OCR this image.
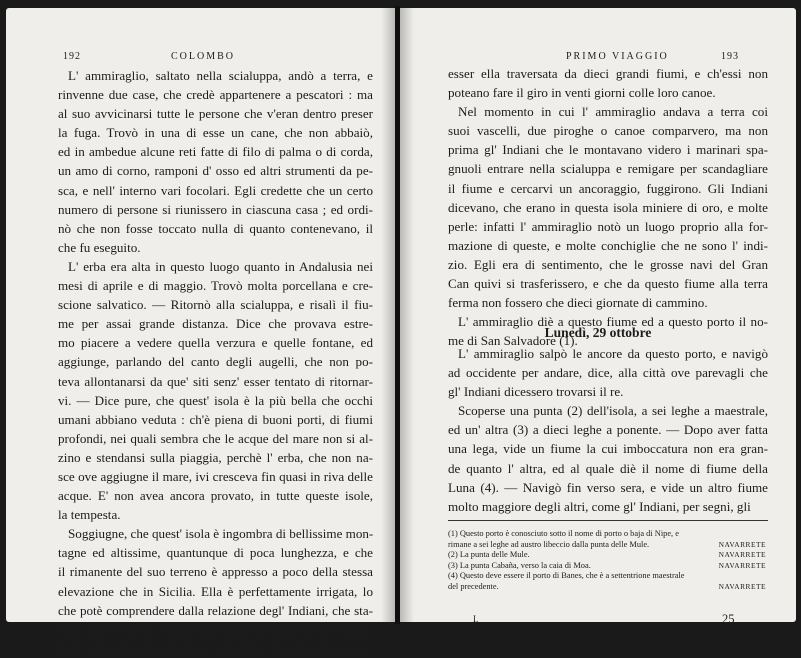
192	COLOMBO
L' ammiraglio, saltato nella scialuppa, andò a terra, e
rinvenne due case, che credè appartenere a pescatori : ma
al suo avvicinarsi tutte le persone che v'eran dentro preser
la fuga. Trovò in una di esse un cane, che non abbaiò,
ed in ambedue alcune reti fatte di filo di palma o di corda,
un amo di corno, ramponi d' osso ed altri strumenti da pe-
sca, e nell' interno vari focolari. Egli credette che un certo
numero di persone si riunissero in ciascuna casa ; ed ordi-
nò che non fosse toccato nulla di quanto contenevano, il
che fu eseguito.
L' erba era alta in questo luogo quanto in Andalusia nei
mesi di aprile e di maggio. Trovò molta porcellana e cre-
scione salvatico. — Ritornò alla scialuppa, e risalì il fiu-
me per assai grande distanza. Dice che provava estre-
mo piacere a vedere quella verzura e quelle fontane, ed
aggiunge, parlando del canto degli augelli, che non po-
teva allontanarsi da que' siti senz' esser tentato di ritornar-
vi. — Dice pure, che quest' isola è la più bella che occhi
umani abbiano veduta : ch'è piena di buoni porti, di fiumi
profondi, nei quali sembra che le acque del mare non si al-
zino e stendansi sulla piaggia, perchè l' erba, che non na-
sce ove aggiugne il mare, ivi cresceva fin quasi in riva delle
acque. E' non avea ancora provato, in tutte queste isole,
la tempesta.
Soggiugne, che quest' isola è ingombra di bellissime mon-
tagne ed altissime, quantunque di poca lunghezza, e che
il rimanente del suo terreno è appresso a poco della stessa
elevazione che in Sicilia. Ella è perfettamente irrigata, lo
che potè comprendere dalla relazione degl' Indiani, che sta-
vano con esso lui, i quali aveva presi nell'isola di Guana-
hani : ed i medesimi gli fecero eziandio intendere per segni,
PRIMO VIAGGIO	193
esser ella traversata da dieci grandi fiumi, e ch'essi non
poteano fare il giro in venti giorni colle loro canoe.
Nel momento in cui l' ammiraglio andava a terra coi
suoi vascelli, due piroghe o canoe comparvero, ma non
prima gl' Indiani che le montavano videro i marinari spa-
gnuoli entrare nella scialuppa e remigare per scandagliare
il fiume e cercarvi un ancoraggio, fuggirono. Gli Indiani
dicevano, che erano in questa isola miniere di oro, e molte
perle: infatti l' ammiraglio notò un luogo proprio alla for-
mazione di queste, e molte conchiglie che ne sono l' indi-
zio. Egli era di sentimento, che le grosse navi del Gran
Can quivi si trasferissero, e che da questo fiume alla terra
ferma non fossero che dieci giornate di cammino.
L' ammiraglio diè a questo fiume ed a questo porto il no-
me di San Salvadore (1).
Lunedì, 29 ottobre
L' ammiraglio salpò le ancore da questo porto, e navigò
ad occidente per andare, dice, alla città ove parevagli che
gl' Indiani dicessero trovarsi il re.
Scoperse una punta (2) dell'isola, a sei leghe a maestrale,
ed un' altra (3) a dieci leghe a ponente. — Dopo aver fatta
una lega, vide un fiume la cui imboccatura non era gran-
de quanto l' altra, ed al quale diè il nome di fiume della
Luna (4). — Navigò fin verso sera, e vide un altro fiume
molto maggiore degli altri, come gl' Indiani, per segni, gli
(1) Questo porto è conosciuto sotto il nome di porto o baja di Nipe, e
rimane a sei leghe ad austro libeccio dalla punta delle Mule.	NAVARRETE
(2) La punta delle Mule.	NAVARRETE
(3) La punta Cabaña, verso la caia di Moa.	NAVARRETE
(4) Questo deve essere il porto di Banes, che è a settentrione maestrale
del precedente.	NAVARRETE
I.	25
